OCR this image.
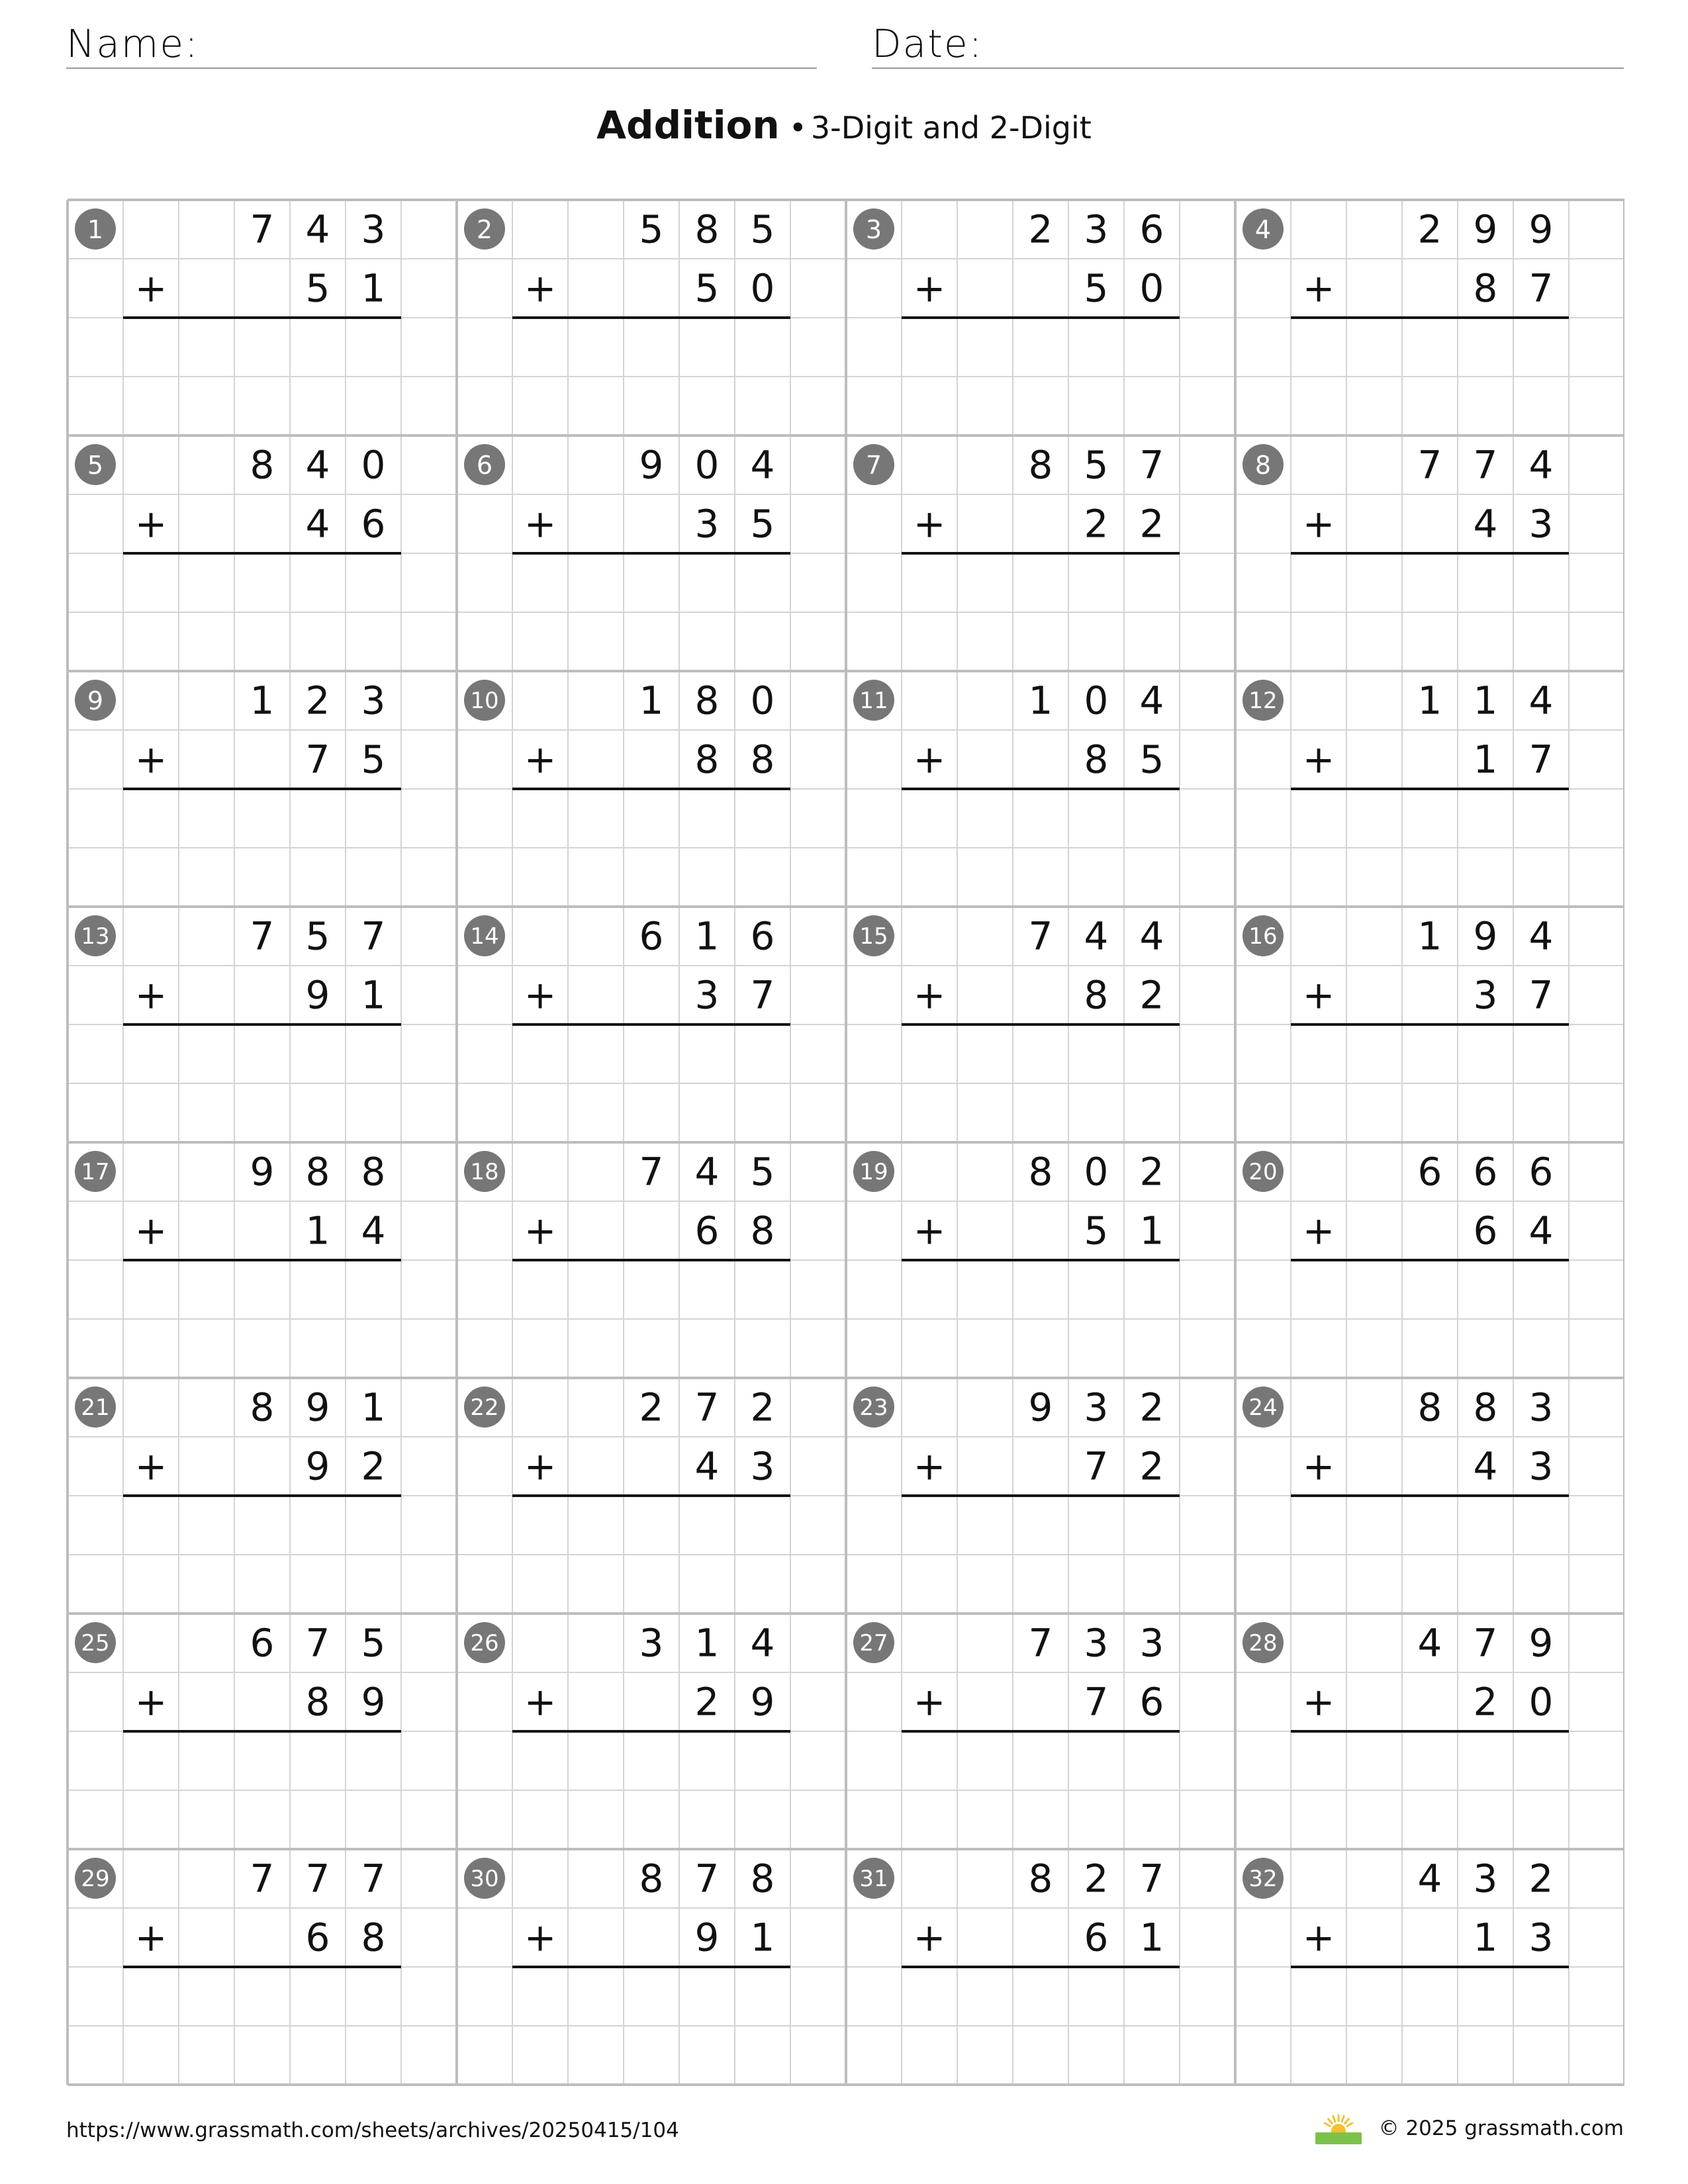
Name:	Date:
Addition • 3-Digit and 2-Digit
1	7 4 3
+	5 1
2	5 8 5
+	5 0
3	2 3 6
+	5 0
4	2 9 9
+	8 7
5	8 4 0
+	4 6
6	9 0 4
+	3 5
7	8 5 7
+	2 2
8	7 7 4
+	4 3
9	1 2 3
+	7 5
10	1 8 0
+	8 8
11	1 0 4
+	8 5
12	1 1 4
+	1 7
13	7 5 7
+	9 1
14	6 1 6
+	3 7
15	7 4 4
+	8 2
16	1 9 4
+	3 7
17	9 8 8
+	1 4
18	7 4 5
+	6 8
19	8 0 2
+	5 1
20	6 6 6
+	6 4
21	8 9 1
+	9 2
22	2 7 2
+	4 3
23	9 3 2
+	7 2
24	8 8 3
+	4 3
25	6 7 5
+	8 9
26	3 1 4
+	2 9
27	7 3 3
+	7 6
28	4 7 9
+	2 0
29	7 7 7
+	6 8
30	8 7 8
+	9 1
31	8 2 7
+	6 1
32	4 3 2
+	1 3
https://www.grassmath.com/sheets/archives/20250415/104	© 2025 grassmath.com
